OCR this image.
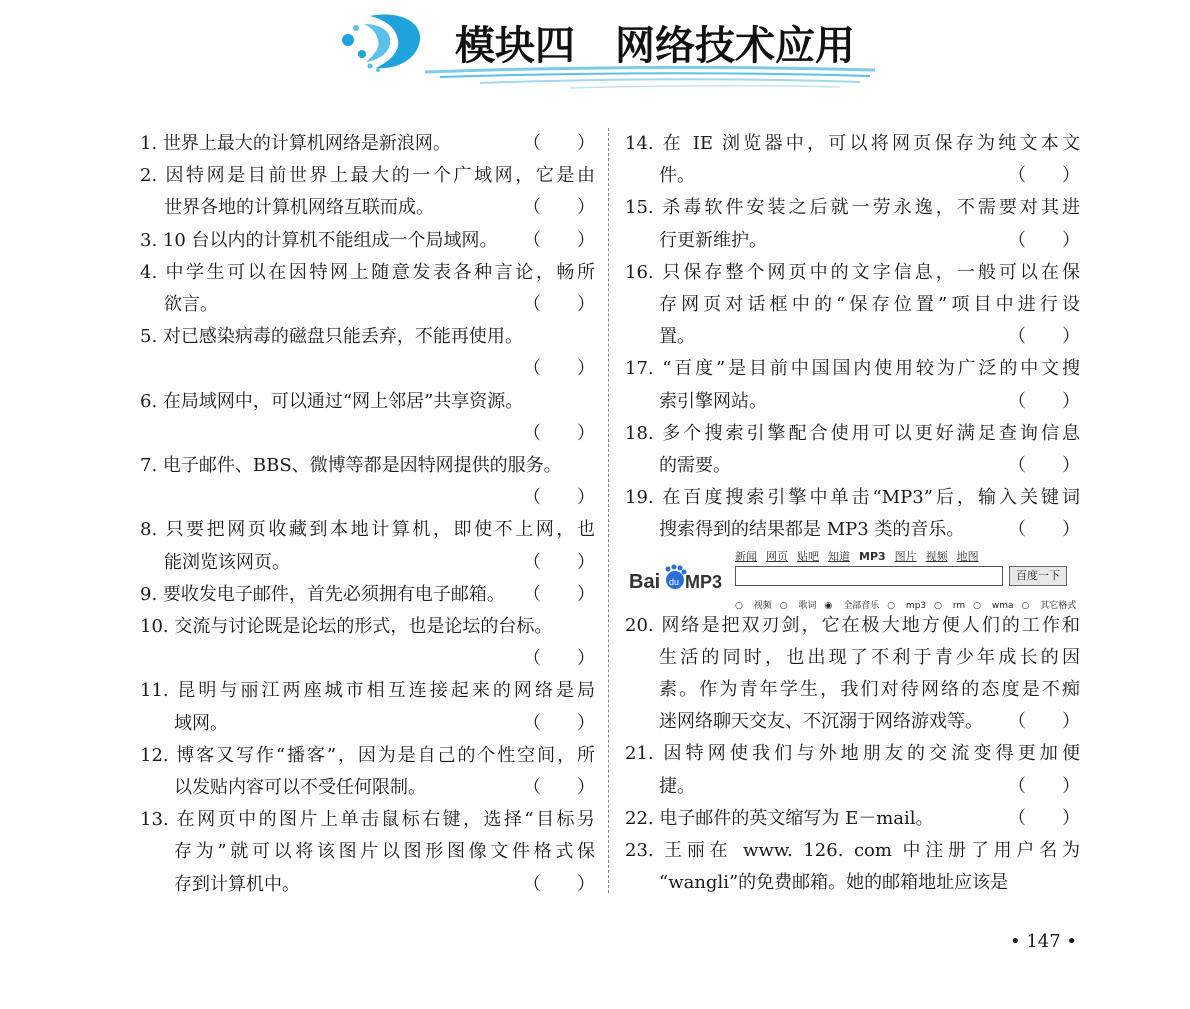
模块四　网络技术应用
1. 世界上最大的计算机网络是新浪网。	（　　）
2. 因特网是目前世界上最大的一个广域网，它是由
世界各地的计算机网络互联而成。	（　　）
3. 10 台以内的计算机不能组成一个局域网。 （　　）
4. 中学生可以在因特网上随意发表各种言论，畅所
欲言。	（　　）
5. 对已感染病毒的磁盘只能丢弃，不能再使用。
（　　）
6. 在局域网中，可以通过“网上邻居”共享资源。
（　　）
7. 电子邮件、BBS、微博等都是因特网提供的服务。
（　　）
8. 只要把网页收藏到本地计算机，即使不上网，也
能浏览该网页。	（　　）
9. 要收发电子邮件，首先必须拥有电子邮箱。 （　　）
10. 交流与讨论既是论坛的形式，也是论坛的台标。
（　　）
11. 昆明与丽江两座城市相互连接起来的网络是局
域网。	（　　）
12. 博客又写作“播客”，因为是自己的个性空间，所
以发贴内容可以不受任何限制。	（　　）
13. 在网页中的图片上单击鼠标右键，选择“目标另
存为”就可以将该图片以图形图像文件格式保
存到计算机中。	（　　）
14. 在 IE 浏览器中，可以将网页保存为纯文本文
件。	（　　）
15. 杀毒软件安装之后就一劳永逸，不需要对其进
行更新维护。	（　　）
16. 只保存整个网页中的文字信息，一般可以在保
存网页对话框中的“保存位置”项目中进行设
置。	（　　）
17. “百度”是目前中国国内使用较为广泛的中文搜
索引擎网站。	（　　）
18. 多个搜索引擎配合使用可以更好满足查询信息
的需要。	（　　）
19. 在百度搜索引擎中单击“MP3”后，输入关键词
搜索得到的结果都是 MP3 类的音乐。 （　　）
新闻 网页 贴吧 知道 MP3 图片 视频 地图
Bai du MP3	百度一下
○ 视频 ○ 歌词 ◉ 全部音乐 ○ mp3 ○ rm ○ wma ○ 其它格式
20. 网络是把双刃剑，它在极大地方便人们的工作和
生活的同时，也出现了不利于青少年成长的因
素。作为青年学生，我们对待网络的态度是不痴
迷网络聊天交友、不沉溺于网络游戏等。 （　　）
21. 因特网使我们与外地朋友的交流变得更加便
捷。	（　　）
22. 电子邮件的英文缩写为 E－mail。	（　　）
23. 王丽在 www. 126. com 中注册了用户名为
“wangli”的免费邮箱。她的邮箱地址应该是
• 147 •
